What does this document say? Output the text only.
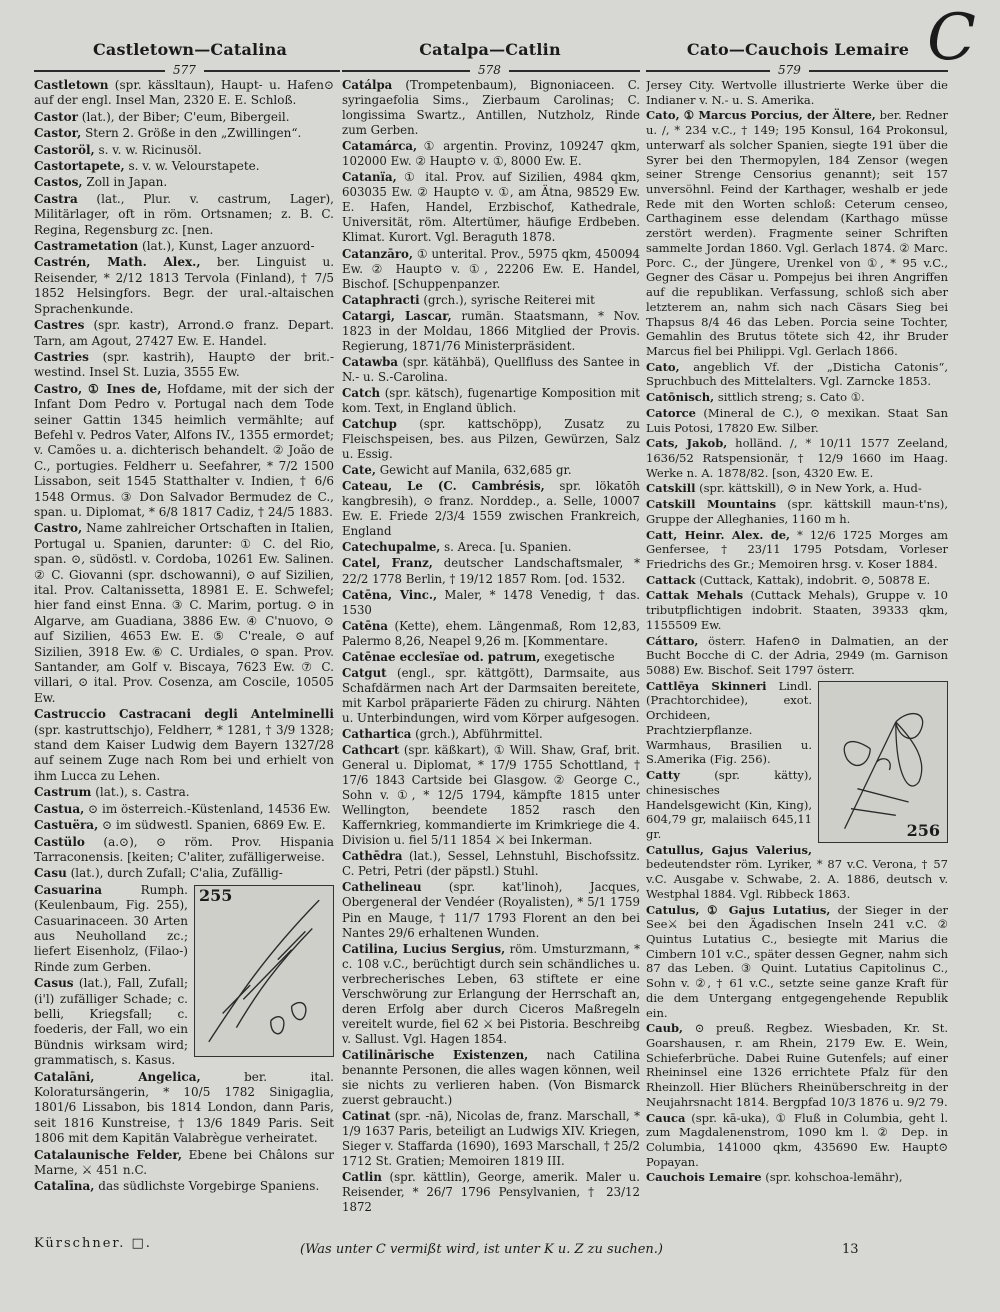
C
Castletown—Catalina	Catalpa—Catlin	Cato—Cauchois Lemaire
577	578	579

Castletown (spr. kässltaun), Haupt- u. Hafen⊙ auf der engl. Insel Man, 2320 E. E. Schloß.

Castor (lat.), der Biber; C'eum, Bibergeil.

Castor, Stern 2. Größe in den „Zwillingen“.

Castoröl, s. v. w. Ricinusöl.

Castortapete, s. v. w. Velourstapete.

Castos, Zoll in Japan.

Castra (lat., Plur. v. castrum, Lager), Militärlager, oft in röm. Ortsnamen; z. B. C. Regina, Regensburg zc. [nen.

Castrametation (lat.), Kunst, Lager anzuord-

Castrén, Math. Alex., ber. Linguist u. Reisender, * 2/12 1813 Tervola (Finland), † 7/5 1852 Helsingfors. Begr. der ural.-altaischen Sprachenkunde.

Castres (spr. kastr), Arrond.⊙ franz. Depart. Tarn, am Agout, 27427 Ew. E. Handel.

Castries (spr. kastrih), Haupt⊙ der brit.-westind. Insel St. Luzia, 3555 Ew.

Castro, ① Ines de, Hofdame, mit der sich der Infant Dom Pedro v. Portugal nach dem Tode seiner Gattin 1345 heimlich vermählte; auf Befehl v. Pedros Vater, Alfons IV., 1355 ermordet; v. Camões u. a. dichterisch behandelt. ② João de C., portugies. Feldherr u. Seefahrer, * 7/2 1500 Lissabon, seit 1545 Statthalter v. Indien, † 6/6 1548 Ormus. ③ Don Salvador Bermudez de C., span. u. Diplomat, * 6/8 1817 Cadiz, † 24/5 1883.

Castro, Name zahlreicher Ortschaften in Italien, Portugal u. Spanien, darunter: ① C. del Rio, span. ⊙, südöstl. v. Cordoba, 10261 Ew. Salinen. ② C. Giovanni (spr. dschowanni), ⊙ auf Sizilien, ital. Prov. Caltanissetta, 18981 E. E. Schwefel; hier fand einst Enna. ③ C. Marim, portug. ⊙ in Algarve, am Guadiana, 3886 Ew. ④ C'nuovo, ⊙ auf Sizilien, 4653 Ew. E. ⑤ C'reale, ⊙ auf Sizilien, 3918 Ew. ⑥ C. Urdiales, ⊙ span. Prov. Santander, am Golf v. Biscaya, 7623 Ew. ⑦ C. villari, ⊙ ital. Prov. Cosenza, am Coscile, 10505 Ew.

Castruccio Castracani degli Antelminelli (spr. kastruttschjo), Feldherr, * 1281, † 3/9 1328; stand dem Kaiser Ludwig dem Bayern 1327/28 auf seinem Zuge nach Rom bei und erhielt von ihm Lucca zu Lehen.

Castrum (lat.), s. Castra.

Castua, ⊙ im österreich.-Küstenland, 14536 Ew.

Castuëra, ⊙ im südwestl. Spanien, 6869 Ew. E.

Castülo (a.⊙), ⊙ röm. Prov. Hispania Tarraconensis. [keiten; C'aliter, zufälligerweise.

Casu (lat.), durch Zufall; C'alia, Zufällig-

255

Casuarina Rumph. (Keulenbaum, Fig. 255), Casuarinaceen. 30 Arten aus Neuholland zc.; liefert Eisenholz, (Filao-) Rinde zum Gerben.

Casus (lat.), Fall, Zufall; (i'l) zufälliger Schade; c. belli, Kriegsfall; c. foederis, der Fall, wo ein Bündnis wirksam wird; grammatisch, s. Kasus.

Catalāni, Angelica, ber. ital. Koloratursängerin, * 10/5 1782 Sinigaglia, 1801/6 Lissabon, bis 1814 London, dann Paris, seit 1816 Kunstreise, † 13/6 1849 Paris. Seit 1806 mit dem Kapitän Valabrègue verheiratet.

Catalaunische Felder, Ebene bei Châlons sur Marne, ⚔ 451 n.C.

Catalīna, das südlichste Vorgebirge Spaniens.

Catálpa (Trompetenbaum), Bignoniaceen. C. syringaefolia Sims., Zierbaum Carolinas; C. longissima Swartz., Antillen, Nutzholz, Rinde zum Gerben.

Catamárca, ① argentin. Provinz, 109247 qkm, 102000 Ew. ② Haupt⊙ v. ①, 8000 Ew. E.

Catanïa, ① ital. Prov. auf Sizilien, 4984 qkm, 603035 Ew. ② Haupt⊙ v. ①, am Ätna, 98529 Ew. E. Hafen, Handel, Erzbischof, Kathedrale, Universität, röm. Altertümer, häufige Erdbeben. Klimat. Kurort. Vgl. Beraguth 1878.

Catanzāro, ① unterital. Prov., 5975 qkm, 450094 Ew. ② Haupt⊙ v. ①, 22206 Ew. E. Handel, Bischof. [Schuppenpanzer.

Cataphracti (grch.), syrische Reiterei mit

Catargi, Lascar, rumän. Staatsmann, * Nov. 1823 in der Moldau, 1866 Mitglied der Provis. Regierung, 1871/76 Ministerpräsident.

Catawba (spr. kätähbä), Quellfluss des Santee in N.- u. S.-Carolina.

Catch (spr. kätsch), fugenartige Komposition mit kom. Text, in England üblich.

Catchup (spr. kattschöpp), Zusatz zu Fleischspeisen, bes. aus Pilzen, Gewürzen, Salz u. Essig.

Cate, Gewicht auf Manila, 632,685 gr.

Cateau, Le (C. Cambrésis, spr. lökatōh kangbresih), ⊙ franz. Norddep., a. Selle, 10007 Ew. E. Friede 2/3/4 1559 zwischen Frankreich, England

Catechupalme, s. Areca. [u. Spanien.

Catel, Franz, deutscher Landschaftsmaler, * 22/2 1778 Berlin, † 19/12 1857 Rom. [od. 1532.

Catēna, Vinc., Maler, * 1478 Venedig, † das. 1530

Catēna (Kette), ehem. Längenmaß, Rom 12,83, Palermo 8,26, Neapel 9,26 m. [Kommentare.

Catēnae ecclesïae od. patrum, exegetische

Catgut (engl., spr. kättgött), Darmsaite, aus Schafdärmen nach Art der Darmsaiten bereitete, mit Karbol präparierte Fäden zu chirurg. Nähten u. Unterbindungen, wird vom Körper aufgesogen.

Cathartica (grch.), Abführmittel.

Cathcart (spr. käßkart), ① Will. Shaw, Graf, brit. General u. Diplomat, * 17/9 1755 Schottland, † 17/6 1843 Cartside bei Glasgow. ② George C., Sohn v. ①, * 12/5 1794, kämpfte 1815 unter Wellington, beendete 1852 rasch den Kaffernkrieg, kommandierte im Krimkriege die 4. Division u. fiel 5/11 1854 ⚔ bei Inkerman.

Cathēdra (lat.), Sessel, Lehnstuhl, Bischofssitz. C. Petri, Petri (der päpstl.) Stuhl.

Cathelineau (spr. kat'linoh), Jacques, Obergeneral der Vendéer (Royalisten), * 5/1 1759 Pin en Mauge, † 11/7 1793 Florent an den bei Nantes 29/6 erhaltenen Wunden.

Catilina, Lucius Sergius, röm. Umsturzmann, * c. 108 v.C., berüchtigt durch sein schändliches u. verbrecherisches Leben, 63 stiftete er eine Verschwörung zur Erlangung der Herrschaft an, deren Erfolg aber durch Ciceros Maßregeln vereitelt wurde, fiel 62 ⚔ bei Pistoria. Beschreibg v. Sallust. Vgl. Hagen 1854.

Catilinārische Existenzen, nach Catilina benannte Personen, die alles wagen können, weil sie nichts zu verlieren haben. (Von Bismarck zuerst gebraucht.)

Catinat (spr. -nā), Nicolas de, franz. Marschall, * 1/9 1637 Paris, beteiligt an Ludwigs XIV. Kriegen, Sieger v. Staffarda (1690), 1693 Marschall, † 25/2 1712 St. Gratien; Memoiren 1819 III.

Catlin (spr. kättlin), George, amerik. Maler u. Reisender, * 26/7 1796 Pensylvanien, † 23/12 1872

Jersey City. Wertvolle illustrierte Werke über die Indianer v. N.- u. S. Amerika.

Cato, ① Marcus Porcius, der Ältere, ber. Redner u. /, * 234 v.C., † 149; 195 Konsul, 164 Prokonsul, unterwarf als solcher Spanien, siegte 191 über die Syrer bei den Thermopylen, 184 Zensor (wegen seiner Strenge Censorius genannt); seit 157 unversöhnl. Feind der Karthager, weshalb er jede Rede mit den Worten schloß: Ceterum censeo, Carthaginem esse delendam (Karthago müsse zerstört werden). Fragmente seiner Schriften sammelte Jordan 1860. Vgl. Gerlach 1874. ② Marc. Porc. C., der Jüngere, Urenkel von ①, * 95 v.C., Gegner des Cäsar u. Pompejus bei ihren Angriffen auf die republikan. Verfassung, schloß sich aber letzterem an, nahm sich nach Cäsars Sieg bei Thapsus 8/4 46 das Leben. Porcia seine Tochter, Gemahlin des Brutus tötete sich 42, ihr Bruder Marcus fiel bei Philippi. Vgl. Gerlach 1866.

Cato, angeblich Vf. der „Disticha Catonis“, Spruchbuch des Mittelalters. Vgl. Zarncke 1853.

Catōnisch, sittlich streng; s. Cato ①.

Catorce (Mineral de C.), ⊙ mexikan. Staat San Luis Potosi, 17820 Ew. Silber.

Cats, Jakob, holländ. /, * 10/11 1577 Zeeland, 1636/52 Ratspensionär, † 12/9 1660 im Haag. Werke n. A. 1878/82. [son, 4320 Ew. E.

Catskill (spr. kättskill), ⊙ in New York, a. Hud-

Catskill Mountains (spr. kättskill maun-t'ns), Gruppe der Alleghanies, 1160 m h.

Catt, Heinr. Alex. de, * 12/6 1725 Morges am Genfersee, † 23/11 1795 Potsdam, Vorleser Friedrichs des Gr.; Memoiren hrsg. v. Koser 1884.

Cattack (Cuttack, Kattak), indobrit. ⊙, 50878 E.

Cattak Mehals (Cuttack Mehals), Gruppe v. 10 tributpflichtigen indobrit. Staaten, 39333 qkm, 1155509 Ew.

Cáttaro, österr. Hafen⊙ in Dalmatien, an der Bucht Bocche di C. der Adria, 2949 (m. Garnison 5088) Ew. Bischof. Seit 1797 österr.

256

Cattlēya Skinneri Lindl. (Prachtorchidee), exot. Orchideen, Prachtzierpflanze. Warmhaus, Brasilien u. S.Amerika (Fig. 256).

Catty (spr. kätty), chinesisches Handelsgewicht (Kin, King), 604,79 gr, malaiisch 645,11 gr.

Catullus, Gajus Valerius, bedeutendster röm. Lyriker, * 87 v.C. Verona, † 57 v.C. Ausgabe v. Schwabe, 2. A. 1886, deutsch v. Westphal 1884. Vgl. Ribbeck 1863.

Catulus, ① Gajus Lutatius, der Sieger in der See⚔ bei den Ägadischen Inseln 241 v.C. ② Quintus Lutatius C., besiegte mit Marius die Cimbern 101 v.C., später dessen Gegner, nahm sich 87 das Leben. ③ Quint. Lutatius Capitolinus C., Sohn v. ②, † 61 v.C., setzte seine ganze Kraft für die dem Untergang entgegengehende Republik ein.

Caub, ⊙ preuß. Regbez. Wiesbaden, Kr. St. Goarshausen, r. am Rhein, 2179 Ew. E. Wein, Schieferbrüche. Dabei Ruine Gutenfels; auf einer Rheininsel eine 1326 errichtete Pfalz für den Rheinzoll. Hier Blüchers Rheinüberschreitg in der Neujahrsnacht 1814. Bergpfad 10/3 1876 u. 9/2 79.

Cauca (spr. kā-uka), ① Fluß in Columbia, geht l. zum Magdalenenstrom, 1090 km l. ② Dep. in Columbia, 141000 qkm, 435690 Ew. Haupt⊙ Popayan.

Cauchois Lemaire (spr. kohschoa-lemähr),

Kürschner. □.	(Was unter C vermißt wird, ist unter K u. Z zu suchen.)	13
